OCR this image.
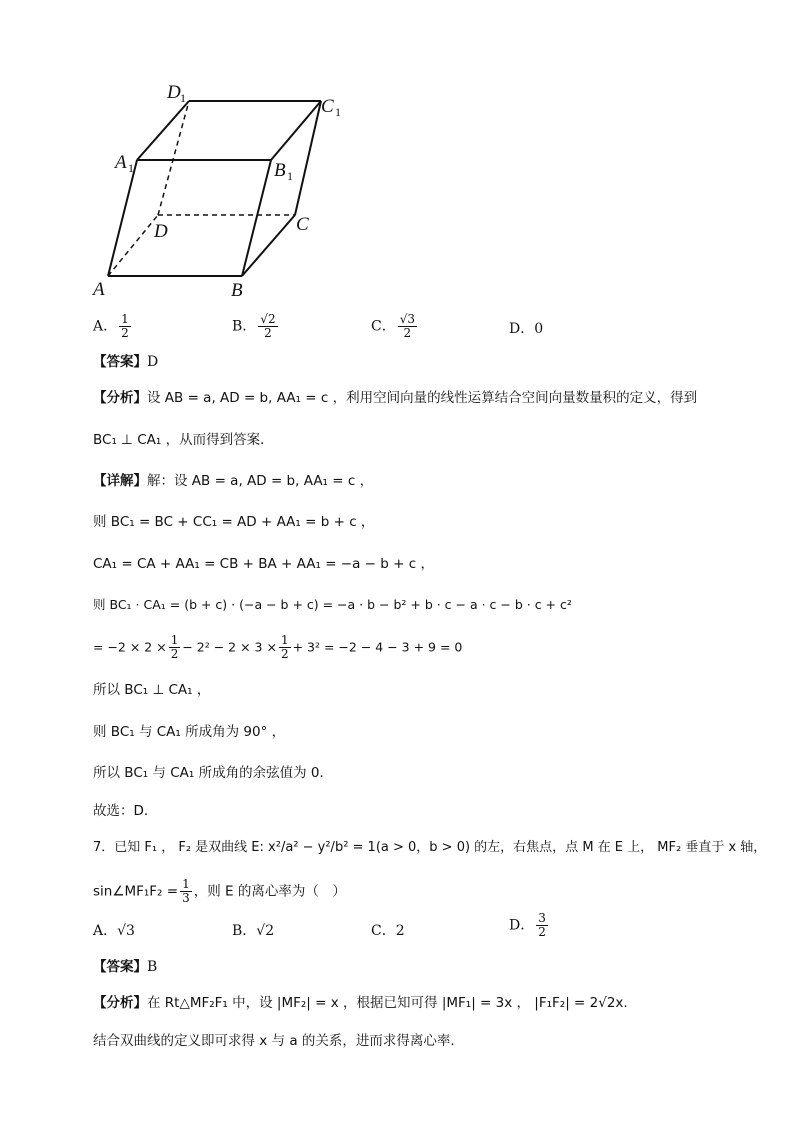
D 1	C 1
A 1	B 1
C
D
A	B
A． $\frac{1}{2}$	B． $\frac{√2}{2}$	C． $\frac{√3}{2}$	D．0
【答案】D
【分析】设 AB = a, AD = b, AA₁ = c ，利用空间向量的线性运算结合空间向量数量积的定义，得到
BC₁ ⊥ CA₁ ，从而得到答案．
【详解】解：设 AB = a, AD = b, AA₁ = c ，
则 BC₁ = BC + CC₁ = AD + AA₁ = b + c ，
CA₁ = CA + AA₁ = CB + BA + AA₁ = −a − b + c ，
则 BC₁ · CA₁ = (b + c) · (−a − b + c) = −a · b − b² + b · c − a · c − b · c + c²
= $-2 \times 2 \times \frac{1}{2} - 2^2 - 2 \times 3 \times \frac{1}{2} + 3^2 = -2 - 4 - 3 + 9 = 0$
所以 BC₁ ⊥ CA₁ ，
则 BC₁ 与 CA₁ 所成角为 90° ，
所以 BC₁ 与 CA₁ 所成角的余弦值为 0．
故选：D．
7．已知 F₁ ， F₂ 是双曲线 E: x²/a² − y²/b² = 1(a > 0，b > 0) 的左，右焦点，点 M 在 E 上， MF₂ 垂直于 x 轴，
sin∠MF₁F₂ = $\frac{1}{3}$ ，则 E 的离心率为（　）
A．√3	B．√2	C．2	D． $\frac{3}{2}$
【答案】B
【分析】在 Rt△MF₂F₁ 中，设 |MF₂| = x ，根据已知可得 |MF₁| = 3x ， |F₁F₂| = 2√2x.
结合双曲线的定义即可求得 x 与 a 的关系，进而求得离心率.
